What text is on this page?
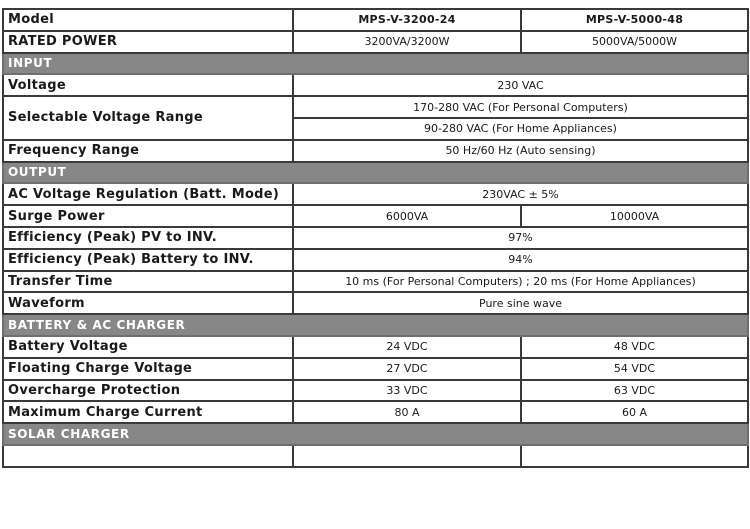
Model	MPS-V-3200-24	MPS-V-5000-48
RATED POWER	3200VA/3200W	5000VA/5000W
INPUT		
Voltage	230 VAC	
Selectable Voltage Range	170-280 VAC (For Personal Computers)	
	90-280 VAC (For Home Appliances)	
Frequency Range	50 Hz/60 Hz (Auto sensing)	
OUTPUT		
AC Voltage Regulation (Batt. Mode)	230VAC ± 5%	
Surge Power	6000VA	10000VA
Efficiency (Peak) PV to INV.	97%	
Efficiency (Peak) Battery to INV.	94%	
Transfer Time	10 ms (For Personal Computers) ; 20 ms (For Home Appliances)	
Waveform	Pure sine wave	
BATTERY & AC CHARGER		
Battery Voltage	24 VDC	48 VDC
Floating Charge Voltage	27 VDC	54 VDC
Overcharge Protection	33 VDC	63 VDC
Maximum Charge Current	80 A	60 A
SOLAR CHARGER		
